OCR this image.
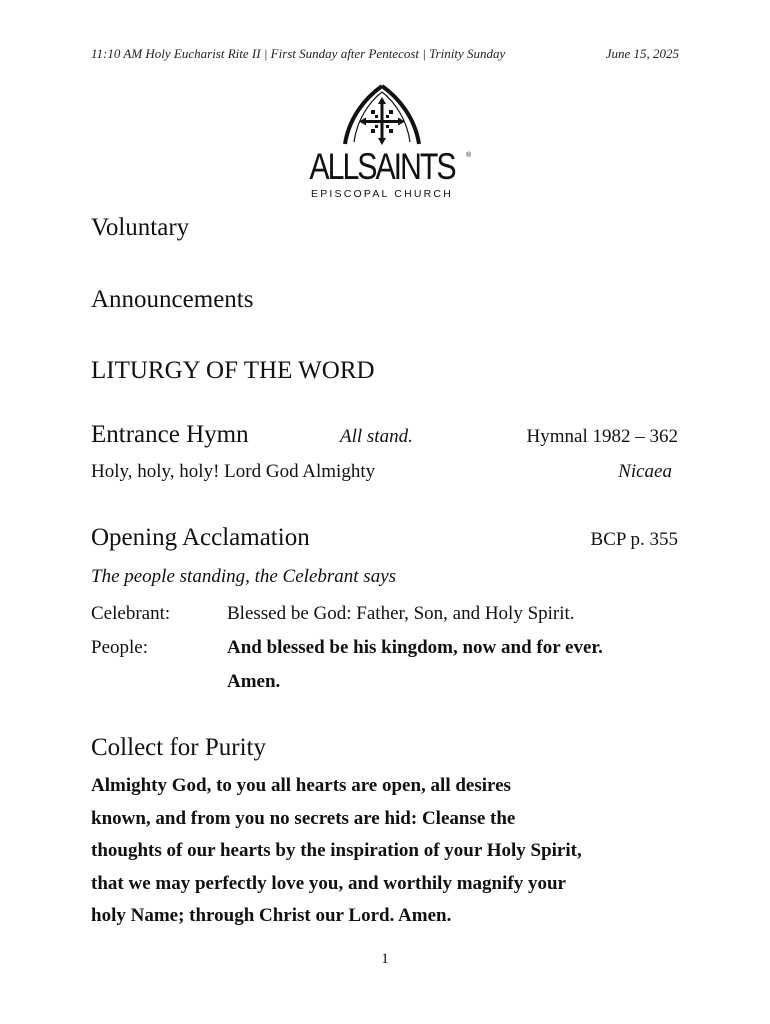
11:10 AM Holy Eucharist Rite II | First Sunday after Pentecost | Trinity Sunday	June 15, 2025
ALLSAINTS	®
EPISCOPAL CHURCH
Voluntary
Announcements
LITURGY OF THE WORD
Entrance Hymn	All stand.	Hymnal 1982 – 362
Holy, holy, holy! Lord God Almighty	Nicaea
Opening Acclamation	BCP p. 355
The people standing, the Celebrant says
Celebrant:	Blessed be God: Father, Son, and Holy Spirit.
People:	And blessed be his kingdom, now and for ever.
Amen.
Collect for Purity
Almighty God, to you all hearts are open, all desires
known, and from you no secrets are hid: Cleanse the
thoughts of our hearts by the inspiration of your Holy Spirit,
that we may perfectly love you, and worthily magnify your
holy Name; through Christ our Lord. Amen.
1
